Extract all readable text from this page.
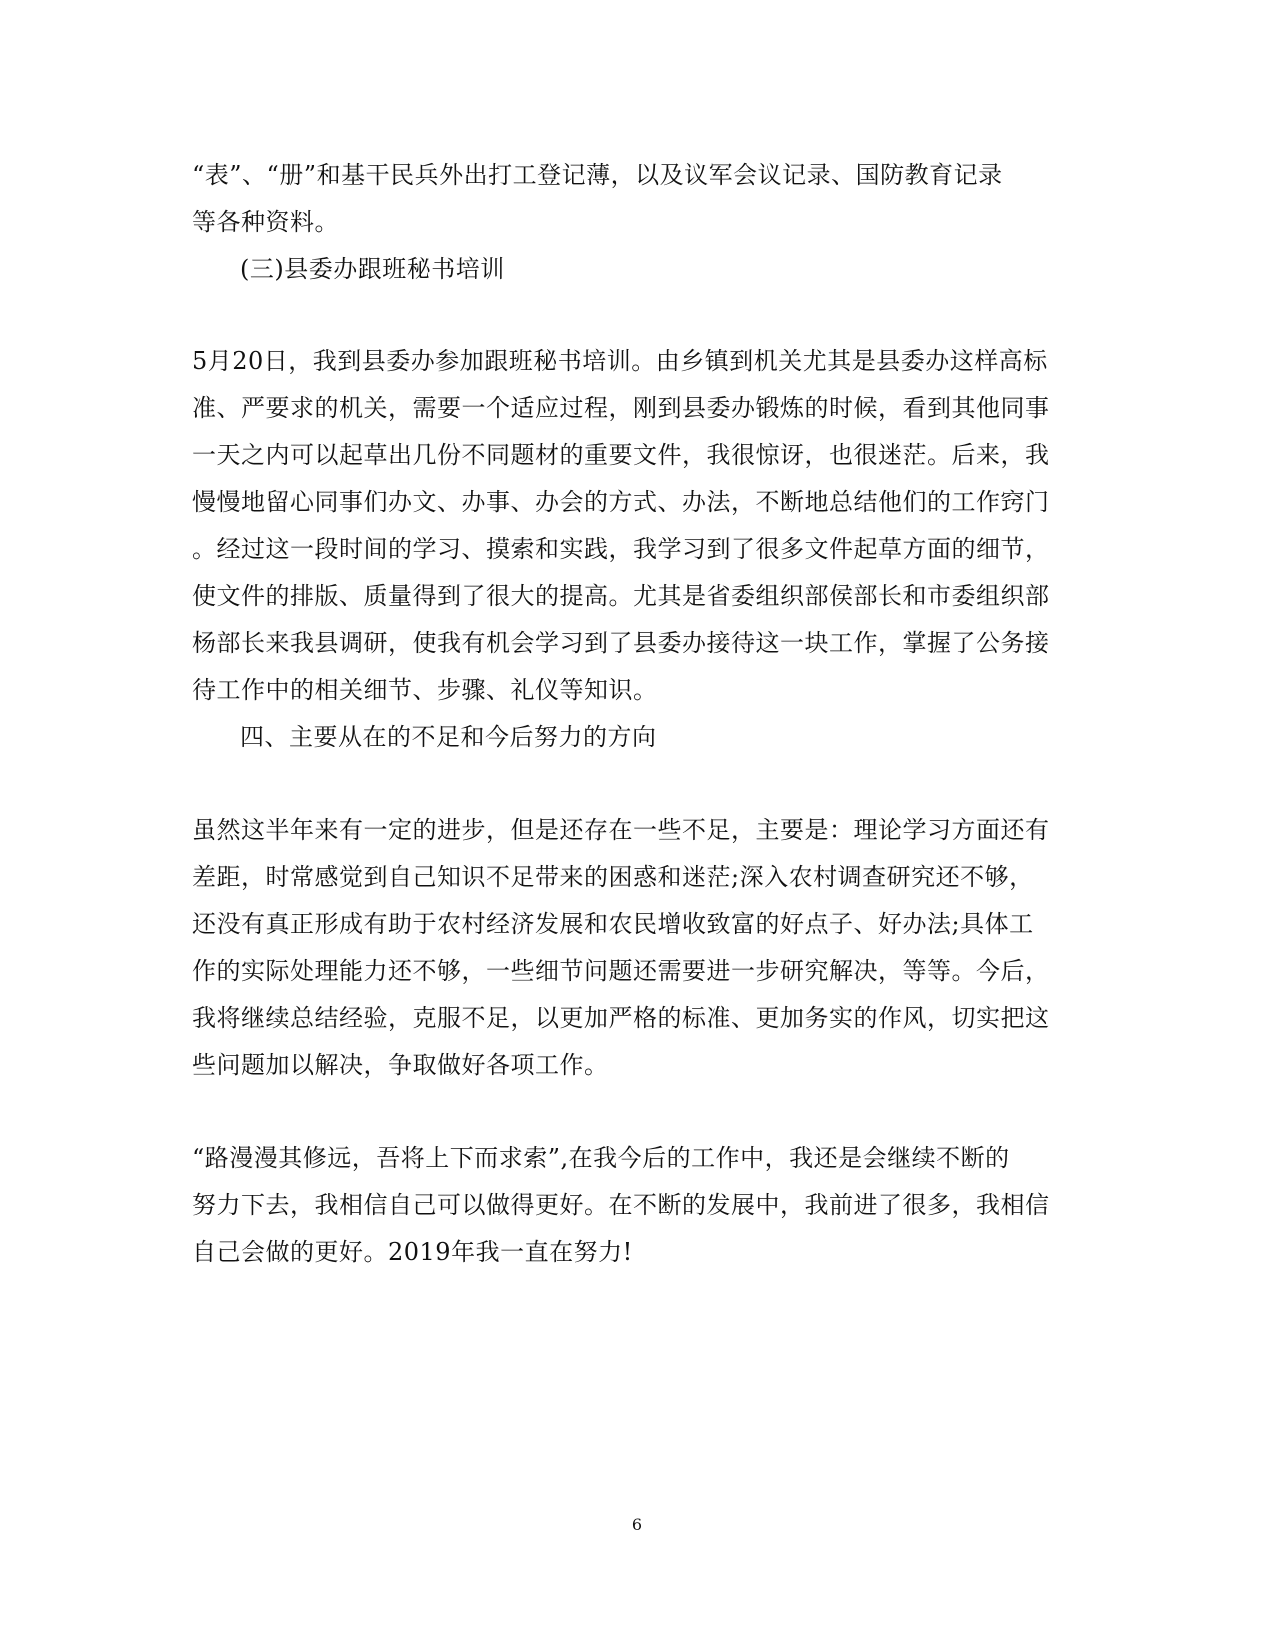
“表”、“册”和基干民兵外出打工登记薄，以及议军会议记录、国防教育记录
等各种资料。
(三)县委办跟班秘书培训
5月20日，我到县委办参加跟班秘书培训。由乡镇到机关尤其是县委办这样高标
准、严要求的机关，需要一个适应过程，刚到县委办锻炼的时候，看到其他同事
一天之内可以起草出几份不同题材的重要文件，我很惊讶，也很迷茫。后来，我
慢慢地留心同事们办文、办事、办会的方式、办法，不断地总结他们的工作窍门
。经过这一段时间的学习、摸索和实践，我学习到了很多文件起草方面的细节，
使文件的排版、质量得到了很大的提高。尤其是省委组织部侯部长和市委组织部
杨部长来我县调研，使我有机会学习到了县委办接待这一块工作，掌握了公务接
待工作中的相关细节、步骤、礼仪等知识。
四、主要从在的不足和今后努力的方向
虽然这半年来有一定的进步，但是还存在一些不足，主要是：理论学习方面还有
差距，时常感觉到自己知识不足带来的困惑和迷茫;深入农村调查研究还不够，
还没有真正形成有助于农村经济发展和农民增收致富的好点子、好办法;具体工
作的实际处理能力还不够，一些细节问题还需要进一步研究解决，等等。今后，
我将继续总结经验，克服不足，以更加严格的标准、更加务实的作风，切实把这
些问题加以解决，争取做好各项工作。
“路漫漫其修远，吾将上下而求索”,在我今后的工作中，我还是会继续不断的
努力下去，我相信自己可以做得更好。在不断的发展中，我前进了很多，我相信
自己会做的更好。2019年我一直在努力!
6
